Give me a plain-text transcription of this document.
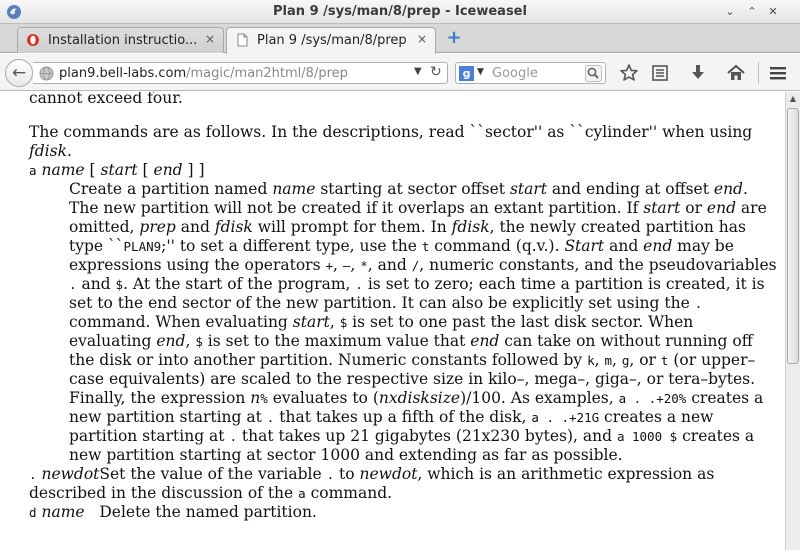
Plan 9 /sys/man/8/prep - Iceweasel	⌄	⌃	✕
Installation instructio... ×	Plan 9 /sys/man/8/prep × +
plan9.bell-labs.com/magic/man2html/8/prep	▼ ↻
←	g ▼ Google

cannot exceed four.

The commands are as follows. In the descriptions, read ``sector'' as ``cylinder'' when using fdisk.

a name [ start [ end ] ]

Create a partition named name starting at sector offset start and ending at offset end. The new partition will not be created if it overlaps an extant partition. If start or end are omitted, prep and fdisk will prompt for them. In fdisk, the newly created partition has type ``PLAN9;'' to set a different type, use the t command (q.v.). Start and end may be expressions using the operators +, –, *, and /, numeric constants, and the pseudovariables . and $. At the start of the program, . is set to zero; each time a partition is created, it is set to the end sector of the new partition. It can also be explicitly set using the . command. When evaluating start, $ is set to one past the last disk sector. When evaluating end, $ is set to the maximum value that end can take on without running off the disk or into another partition. Numeric constants followed by k, m, g, or t (or upper–case equivalents) are scaled to the respective size in kilo–, mega–, giga–, or tera–bytes. Finally, the expression n% evaluates to (nxdisksize)/100. As examples, a . .+20% creates a new partition starting at . that takes up a fifth of the disk, a . .+21G creates a new partition starting at . that takes up 21 gigabytes (21x230 bytes), and a 1000 $ creates a new partition starting at sector 1000 and extending as far as possible.

. newdotSet the value of the variable . to newdot, which is an arithmetic expression as described in the discussion of the a command.

d name Delete the named partition.

▲
